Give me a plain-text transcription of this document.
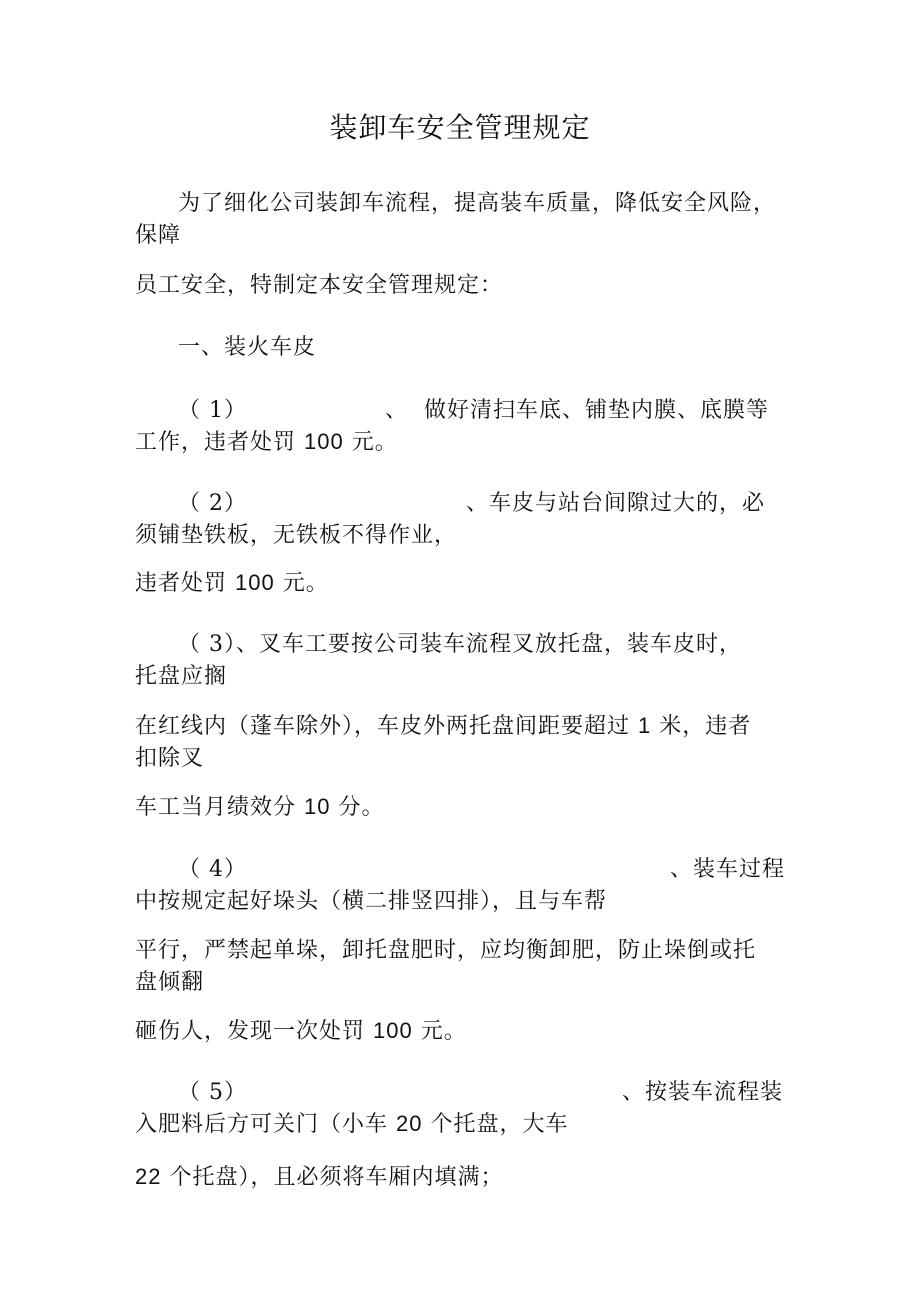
装卸车安全管理规定
为了细化公司装卸车流程，提高装车质量，降低安全风险，
保障
员工安全，特制定本安全管理规定：
一、装火车皮
（ 1）	、 做好清扫车底、铺垫内膜、底膜等
工作，违者处罚 100 元。
（ 2）	、车皮与站台间隙过大的，必
须铺垫铁板，无铁板不得作业，
违者处罚 100 元。
（ 3）、叉车工要按公司装车流程叉放托盘，装车皮时，
托盘应搁
在红线内（蓬车除外），车皮外两托盘间距要超过 1 米，违者
扣除叉
车工当月绩效分 10 分。
（ 4）	、装车过程
中按规定起好垛头（横二排竖四排），且与车帮
平行，严禁起单垛，卸托盘肥时，应均衡卸肥，防止垛倒或托
盘倾翻
砸伤人，发现一次处罚 100 元。
（ 5）	、按装车流程装
入肥料后方可关门（小车 20 个托盘，大车
22 个托盘），且必须将车厢内填满；
